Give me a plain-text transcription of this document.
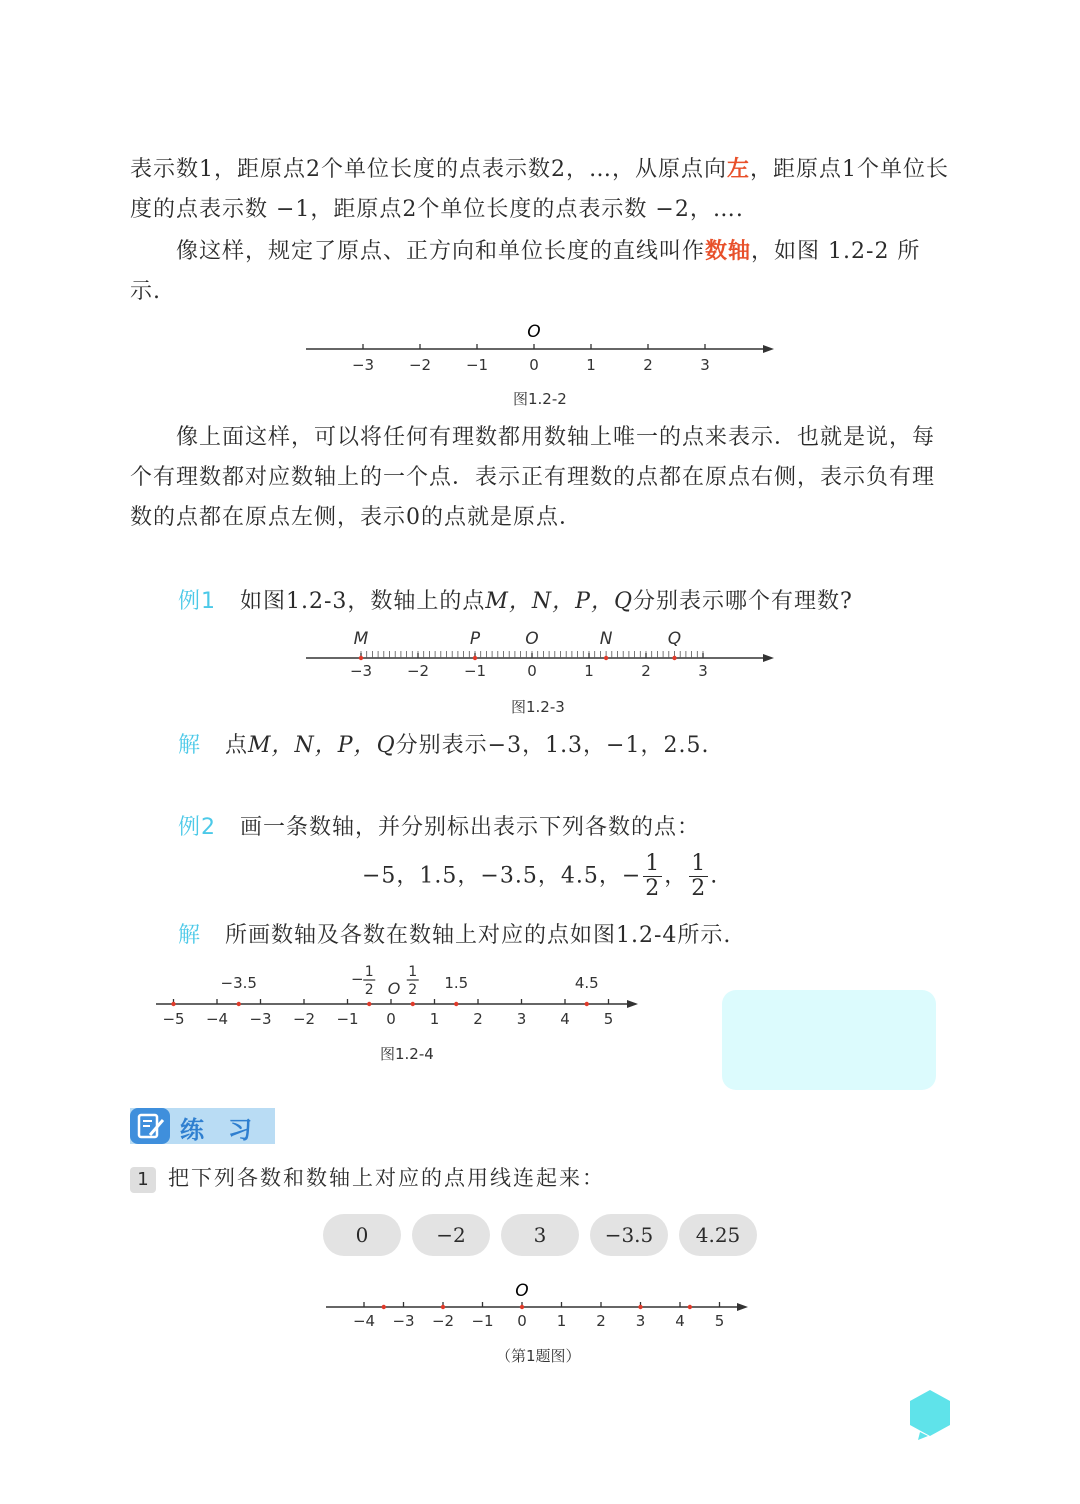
表示数1，距原点2个单位长度的点表示数2，…，从原点向左，距原点1个单位长度的点表示数 −1，距原点2个单位长度的点表示数 −2，….
像这样，规定了原点、正方向和单位长度的直线叫作数轴，如图 1.2-2 所示.
−3 −2 −1	0	1	2	3
O
图1.2-2
像上面这样，可以将任何有理数都用数轴上唯一的点来表示．也就是说，每个有理数都对应数轴上的一个点．表示正有理数的点都在原点右侧，表示负有理数的点都在原点左侧，表示0的点就是原点．
例1 如图1.2-3，数轴上的点M，N，P，Q分别表示哪个有理数?
−3 −2 −1	0	1	2	3
M	P	O	N	Q
图1.2-3
解 点M，N，P，Q分别表示−3，1.3，−1，2.5.
例2 画一条数轴，并分别标出表示下列各数的点：
−5，1.5，−3.5，4.5，− $\frac{1}{2}$ ， $\frac{1}{2}$ .
解 所画数轴及各数在数轴上对应的点如图1.2-4所示.
−5 −4 −3 −2 −1 0 1 2 3 4 5
−3.5	1.5	4.5
− 1
2
1
2
O
图1.2-4
练　习
1 把下列各数和数轴上对应的点用线连起来：
0	−2	3	−3.5	4.25
−4 −3 −2 −1 0 1 2 3 4 5
O
（第1题图）
